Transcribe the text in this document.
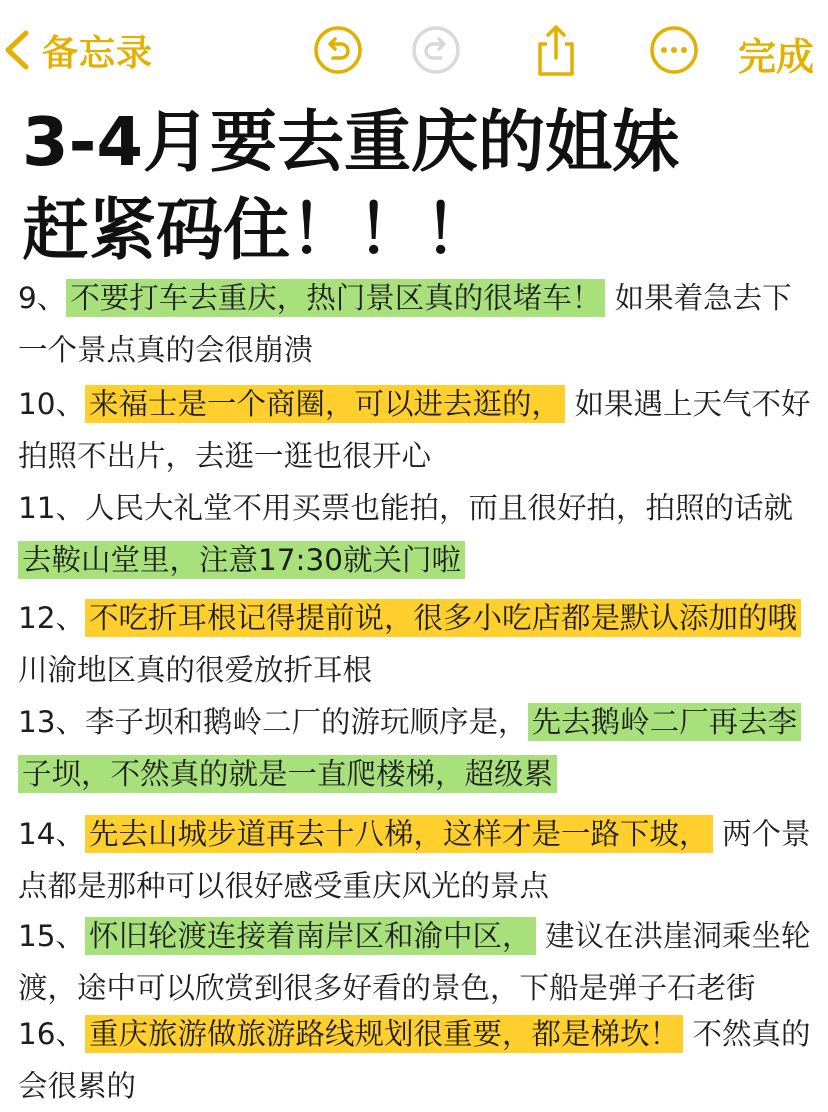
备忘录	完成
3-4月要去重庆的姐妹
赶紧码住！！！
9、 不要打车去重庆，热门景区真的很堵车！ 如果着急去下
一个景点真的会很崩溃
10、 来福士是一个商圈，可以进去逛的， 如果遇上天气不好
拍照不出片，去逛一逛也很开心
11、人民大礼堂不用买票也能拍，而且很好拍，拍照的话就
去鞍山堂里，注意17:30就关门啦
12、 不吃折耳根记得提前说，很多小吃店都是默认添加的哦
川渝地区真的很爱放折耳根
13、李子坝和鹅岭二厂的游玩顺序是， 先去鹅岭二厂再去李
子坝，不然真的就是一直爬楼梯，超级累
14、 先去山城步道再去十八梯，这样才是一路下坡， 两个景
点都是那种可以很好感受重庆风光的景点
15、 怀旧轮渡连接着南岸区和渝中区， 建议在洪崖洞乘坐轮
渡，途中可以欣赏到很多好看的景色，下船是弹子石老街
16、 重庆旅游做旅游路线规划很重要，都是梯坎！ 不然真的
会很累的
